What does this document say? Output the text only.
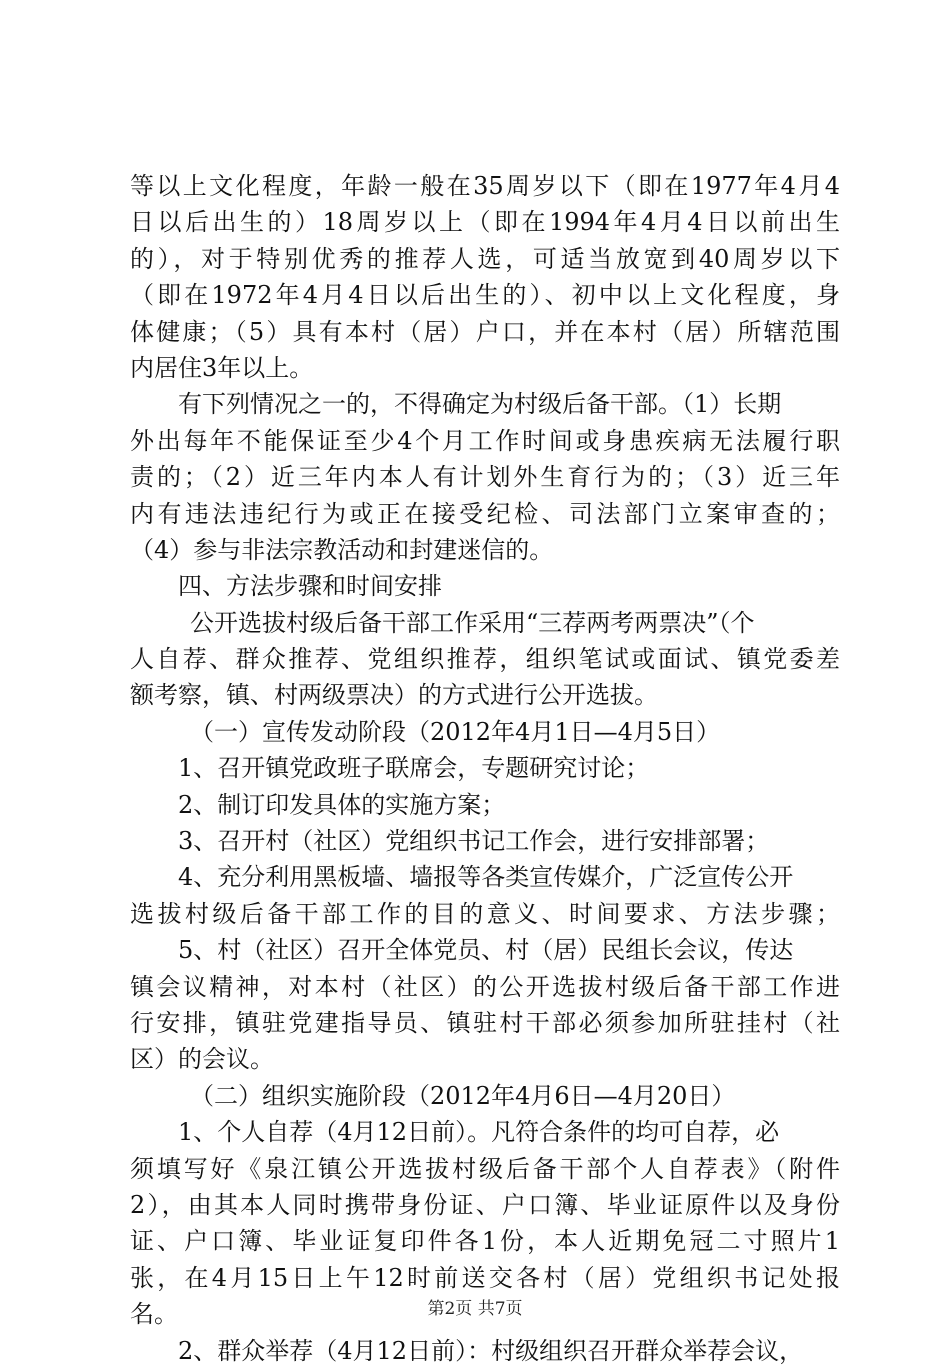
等以上文化程度，年龄一般在35周岁以下（即在1977年4月4
日以后出生的）18周岁以上（即在1994年4月4日以前出生
的），对于特别优秀的推荐人选，可适当放宽到40周岁以下
（即在1972年4月4日以后出生的）、初中以上文化程度，身
体健康；（5）具有本村（居）户口，并在本村（居）所辖范围
内居住3年以上。
有下列情况之一的，不得确定为村级后备干部。（1）长期
外出每年不能保证至少4个月工作时间或身患疾病无法履行职
责的；（2）近三年内本人有计划外生育行为的；（3）近三年
内有违法违纪行为或正在接受纪检、司法部门立案审查的；
（4）参与非法宗教活动和封建迷信的。
四、方法步骤和时间安排
公开选拔村级后备干部工作采用“三荐两考两票决”（个
人自荐、群众推荐、党组织推荐，组织笔试或面试、镇党委差
额考察，镇、村两级票决）的方式进行公开选拔。
（一）宣传发动阶段（2012年4月1日—4月5日）
1、召开镇党政班子联席会，专题研究讨论；
2、制订印发具体的实施方案；
3、召开村（社区）党组织书记工作会，进行安排部署；
4、充分利用黑板墙、墙报等各类宣传媒介，广泛宣传公开
选拔村级后备干部工作的目的意义、时间要求、方法步骤；
5、村（社区）召开全体党员、村（居）民组长会议，传达
镇会议精神，对本村（社区）的公开选拔村级后备干部工作进
行安排，镇驻党建指导员、镇驻村干部必须参加所驻挂村（社
区）的会议。
（二）组织实施阶段（2012年4月6日—4月20日）
1、个人自荐（4月12日前）。凡符合条件的均可自荐，必
须填写好《泉江镇公开选拔村级后备干部个人自荐表》（附件
2），由其本人同时携带身份证、户口簿、毕业证原件以及身份
证、户口簿、毕业证复印件各1份，本人近期免冠二寸照片1
张，在4月15日上午12时前送交各村（居）党组织书记处报
名。
2、群众举荐（4月12日前）：村级组织召开群众举荐会议，
第2页 共7页
